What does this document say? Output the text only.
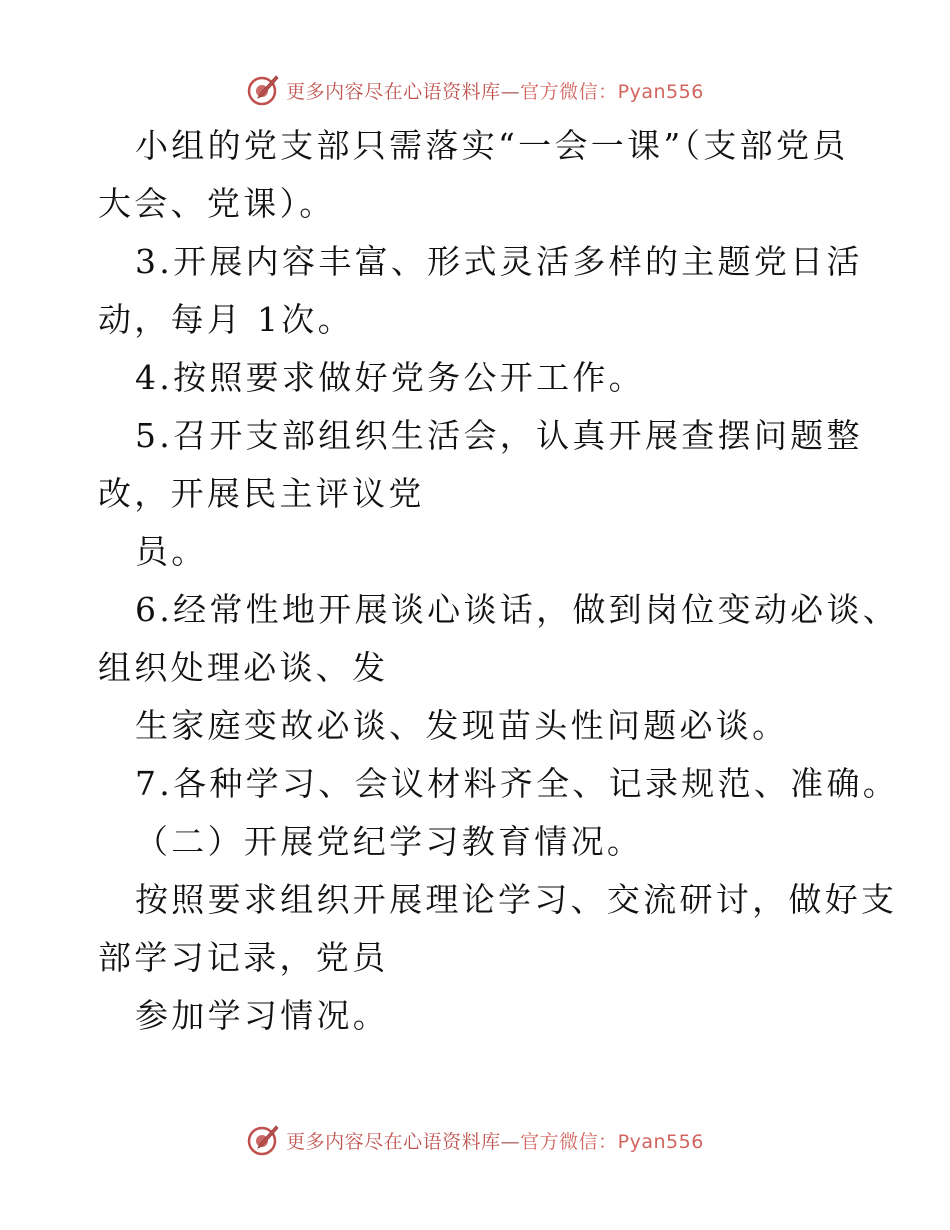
更多内容尽在心语资料库—官方微信：Pyan556
小组的党支部只需落实“一会一课”（支部党员
大会、党课）。
3.开展内容丰富、形式灵活多样的主题党日活
动，每月 1次。
4.按照要求做好党务公开工作。
5.召开支部组织生活会，认真开展查摆问题整
改，开展民主评议党
员。
6.经常性地开展谈心谈话，做到岗位变动必谈、
组织处理必谈、发
生家庭变故必谈、发现苗头性问题必谈。
7.各种学习、会议材料齐全、记录规范、准确。
（二）开展党纪学习教育情况。
按照要求组织开展理论学习、交流研讨，做好支
部学习记录，党员
参加学习情况。
更多内容尽在心语资料库—官方微信：Pyan556
